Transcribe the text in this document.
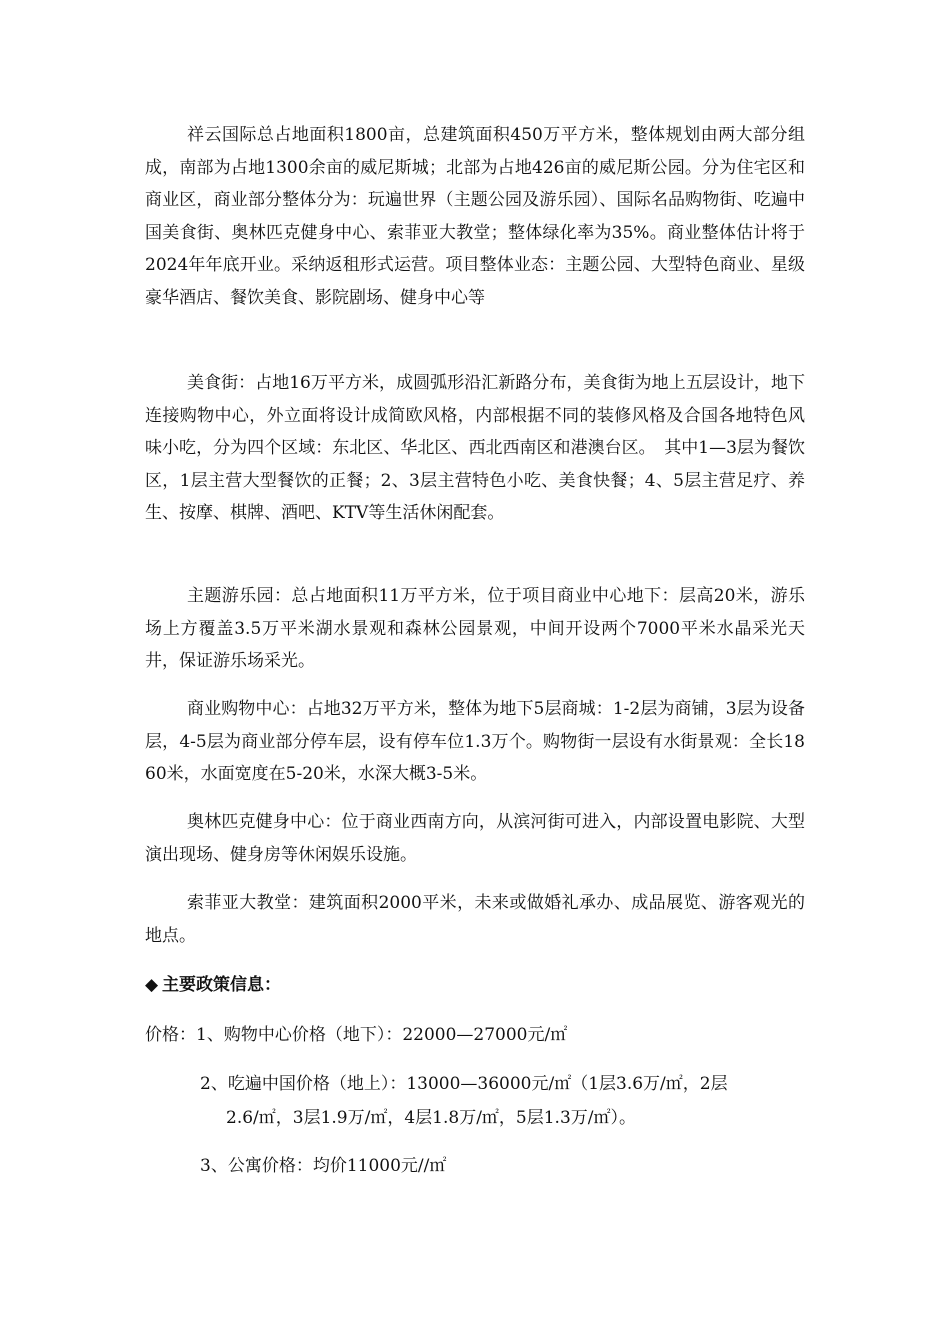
祥云国际总占地面积1800亩，总建筑面积450万平方米，整体规划由两大部分组成，南部为占地1300余亩的威尼斯城；北部为占地426亩的威尼斯公园。分为住宅区和商业区，商业部分整体分为：玩遍世界（主题公园及游乐园）、国际名品购物街、吃遍中国美食街、奥林匹克健身中心、索菲亚大教堂；整体绿化率为35%。商业整体估计将于2024年年底开业。采纳返租形式运营。项目整体业态：主题公园、大型特色商业、星级豪华酒店、餐饮美食、影院剧场、健身中心等

美食街：占地16万平方米，成圆弧形沿汇新路分布，美食街为地上五层设计，地下连接购物中心，外立面将设计成简欧风格，内部根据不同的装修风格及合国各地特色风味小吃，分为四个区域：东北区、华北区、西北西南区和港澳台区。　其中1—3层为餐饮区，1层主营大型餐饮的正餐；2、3层主营特色小吃、美食快餐；4、5层主营足疗、养生、按摩、棋牌、酒吧、KTV等生活休闲配套。

主题游乐园：总占地面积11万平方米，位于项目商业中心地下：层高20米，游乐场上方覆盖3.5万平米湖水景观和森林公园景观，中间开设两个7000平米水晶采光天井，保证游乐场采光。

商业购物中心：占地32万平方米，整体为地下5层商城：1-2层为商铺，3层为设备层，4-5层为商业部分停车层，设有停车位1.3万个。购物街一层设有水街景观：全长1860米，水面宽度在5-20米，水深大概3-5米。

奥林匹克健身中心：位于商业西南方向，从滨河街可进入，内部设置电影院、大型演出现场、健身房等休闲娱乐设施。

索菲亚大教堂：建筑面积2000平米，未来或做婚礼承办、成品展览、游客观光的地点。

◆ 主要政策信息：

价格：1、购物中心价格（地下）：22000—27000元/㎡

2、吃遍中国价格（地上）：13000—36000元/㎡（1层3.6万/㎡，2层
2.6/㎡，3层1.9万/㎡，4层1.8万/㎡，5层1.3万/㎡）。

3、公寓价格：均价11000元//㎡
